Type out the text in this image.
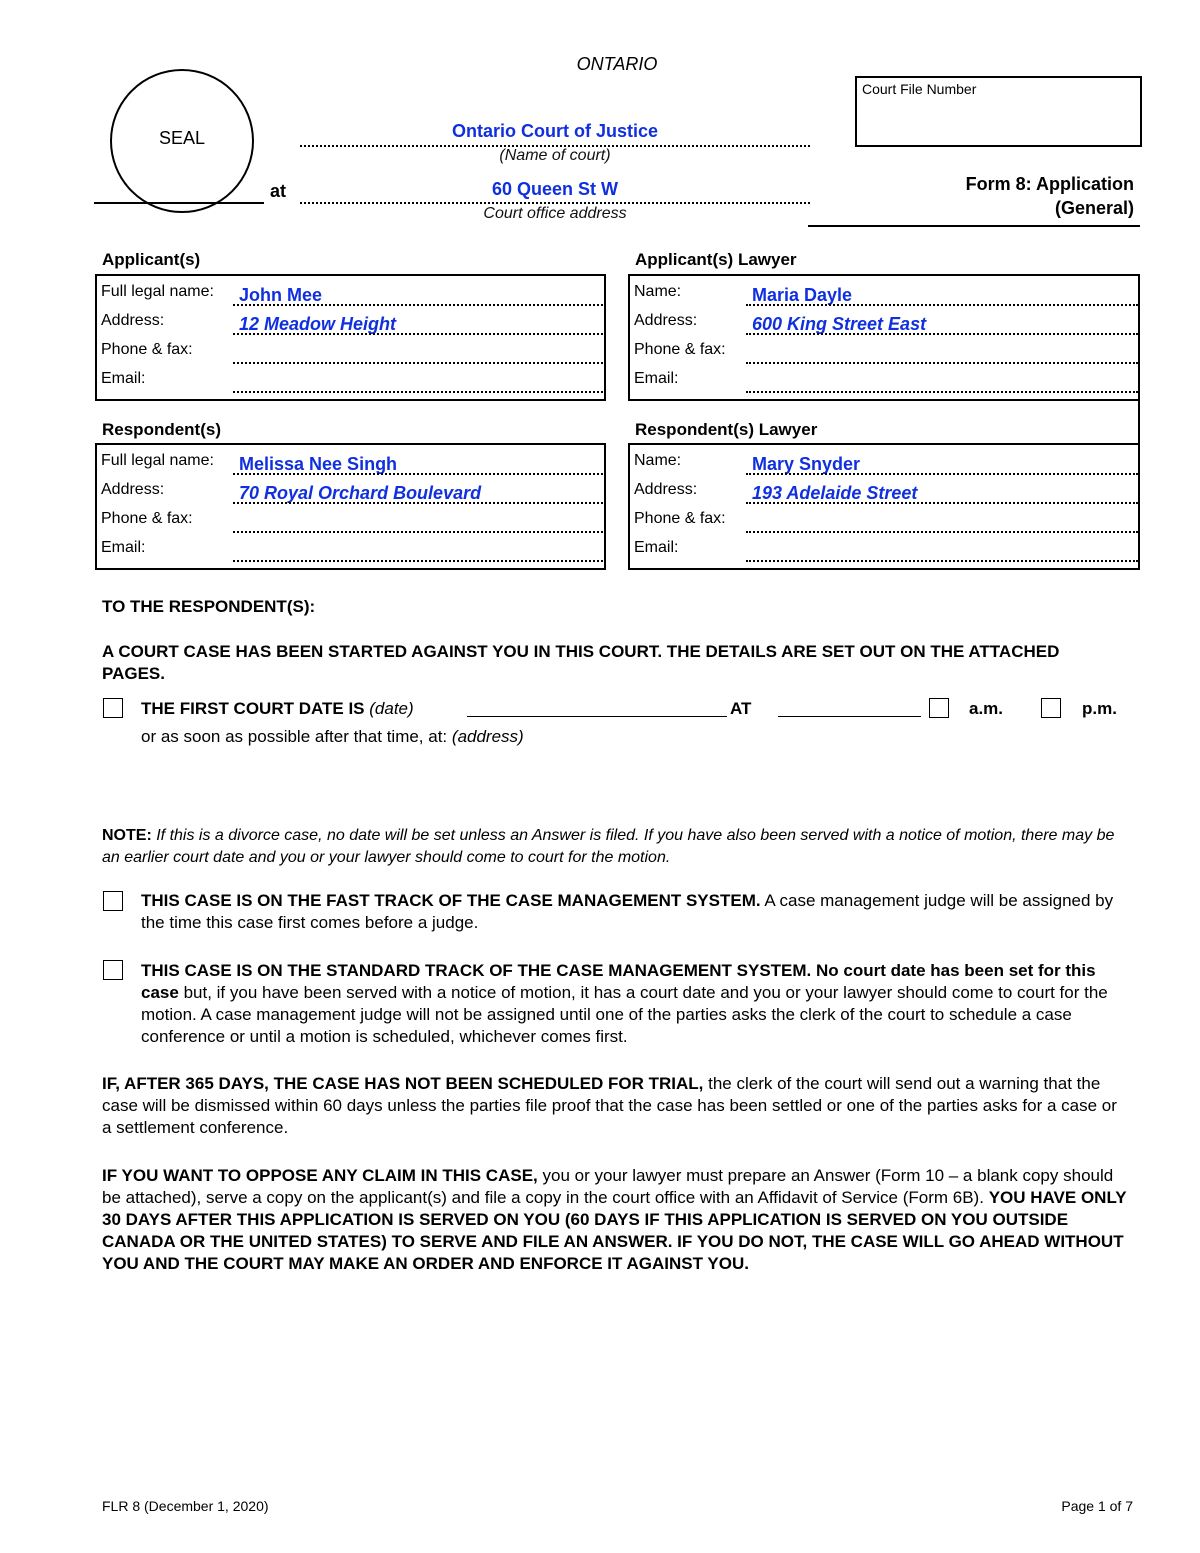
ONTARIO
SEAL
at
Ontario Court of Justice
(Name of court)
60 Queen St W
Court office address
Court File Number
Form 8: Application
(General)
Applicant(s)
Full legal name: John Mee
Address:	12 Meadow Height
Phone & fax:
Email:
Applicant(s) Lawyer
Name:	Maria Dayle
Address:	600 King Street East
Phone & fax:
Email:
Respondent(s)
Full legal name: Melissa Nee Singh
Address:	70 Royal Orchard Boulevard
Phone & fax:
Email:
Respondent(s) Lawyer
Name:	Mary Snyder
Address:	193 Adelaide Street
Phone & fax:
Email:
TO THE RESPONDENT(S):
A COURT CASE HAS BEEN STARTED AGAINST YOU IN THIS COURT. THE DETAILS ARE SET OUT ON THE ATTACHED PAGES.
THE FIRST COURT DATE IS (date)	AT	a.m.	p.m.
or as soon as possible after that time, at: (address)
NOTE: If this is a divorce case, no date will be set unless an Answer is filed. If you have also been served with a notice of motion, there may be an earlier court date and you or your lawyer should come to court for the motion.
THIS CASE IS ON THE FAST TRACK OF THE CASE MANAGEMENT SYSTEM. A case management judge will be assigned by the time this case first comes before a judge.
THIS CASE IS ON THE STANDARD TRACK OF THE CASE MANAGEMENT SYSTEM. No court date has been set for this case but, if you have been served with a notice of motion, it has a court date and you or your lawyer should come to court for the motion. A case management judge will not be assigned until one of the parties asks the clerk of the court to schedule a case conference or until a motion is scheduled, whichever comes first.
IF, AFTER 365 DAYS, THE CASE HAS NOT BEEN SCHEDULED FOR TRIAL, the clerk of the court will send out a warning that the case will be dismissed within 60 days unless the parties file proof that the case has been settled or one of the parties asks for a case or a settlement conference.
IF YOU WANT TO OPPOSE ANY CLAIM IN THIS CASE, you or your lawyer must prepare an Answer (Form 10 – a blank copy should be attached), serve a copy on the applicant(s) and file a copy in the court office with an Affidavit of Service (Form 6B). YOU HAVE ONLY 30 DAYS AFTER THIS APPLICATION IS SERVED ON YOU (60 DAYS IF THIS APPLICATION IS SERVED ON YOU OUTSIDE CANADA OR THE UNITED STATES) TO SERVE AND FILE AN ANSWER. IF YOU DO NOT, THE CASE WILL GO AHEAD WITHOUT YOU AND THE COURT MAY MAKE AN ORDER AND ENFORCE IT AGAINST YOU.
FLR 8 (December 1, 2020)	Page 1 of 7
